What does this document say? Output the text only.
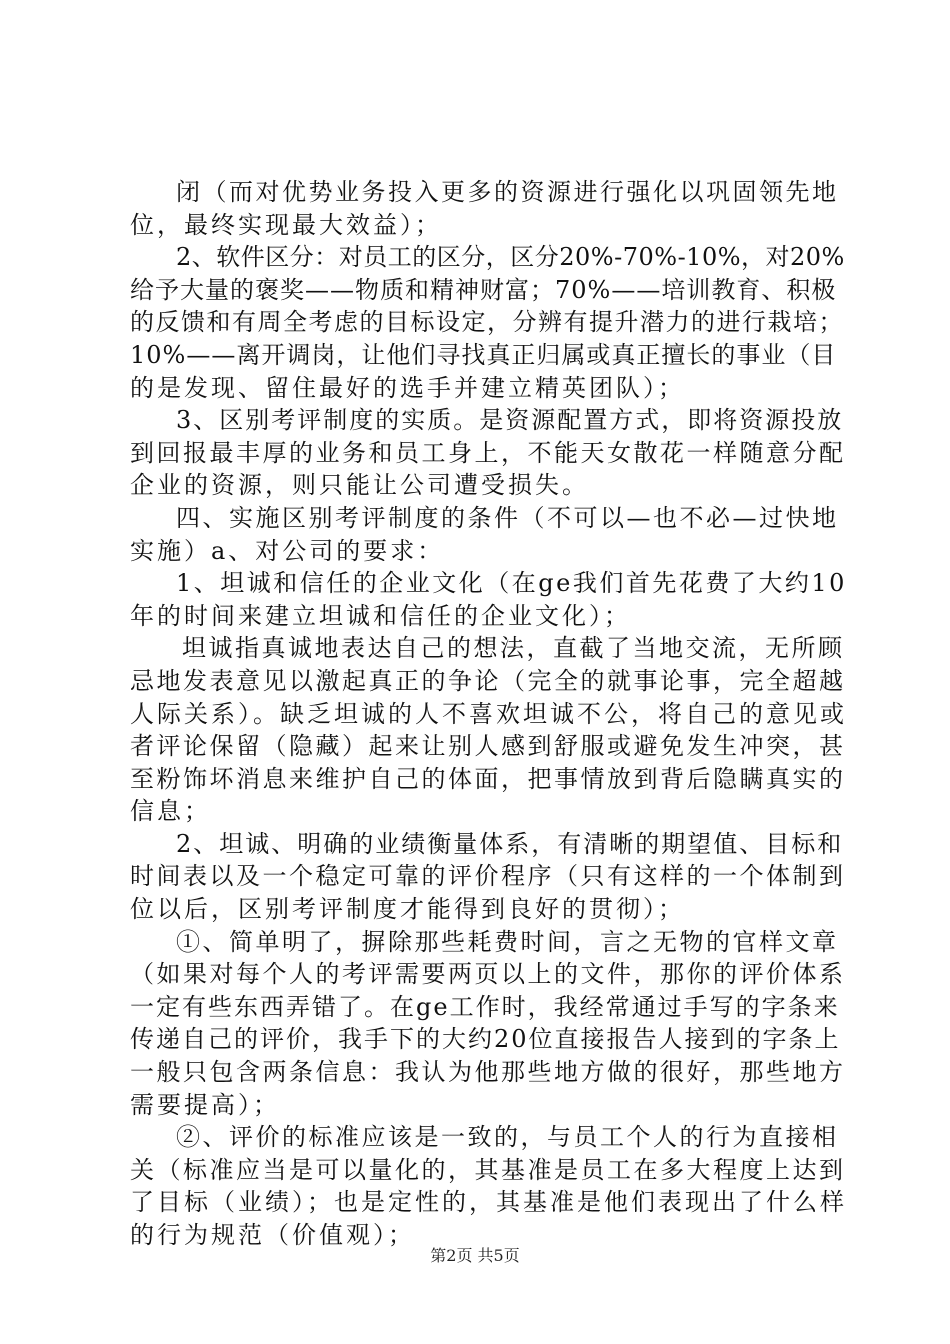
闭（而对优势业务投入更多的资源进行强化以巩固领先地
位，最终实现最大效益）；
2、软件区分：对员工的区分，区分20%-70%-10%，对20%
给予大量的褒奖——物质和精神财富；70%——培训教育、积极
的反馈和有周全考虑的目标设定，分辨有提升潜力的进行栽培；
10%——离开调岗，让他们寻找真正归属或真正擅长的事业（目
的是发现、留住最好的选手并建立精英团队）；
3、区别考评制度的实质。是资源配置方式，即将资源投放
到回报最丰厚的业务和员工身上，不能天女散花一样随意分配
企业的资源，则只能让公司遭受损失。
四、实施区别考评制度的条件（不可以—也不必—过快地
实施）a、对公司的要求：
1、坦诚和信任的企业文化（在ge我们首先花费了大约10
年的时间来建立坦诚和信任的企业文化）；
坦诚指真诚地表达自己的想法，直截了当地交流，无所顾
忌地发表意见以激起真正的争论（完全的就事论事，完全超越
人际关系）。缺乏坦诚的人不喜欢坦诚不公，将自己的意见或
者评论保留（隐藏）起来让别人感到舒服或避免发生冲突，甚
至粉饰坏消息来维护自己的体面，把事情放到背后隐瞒真实的
信息；
2、坦诚、明确的业绩衡量体系，有清晰的期望值、目标和
时间表以及一个稳定可靠的评价程序（只有这样的一个体制到
位以后，区别考评制度才能得到良好的贯彻）；
①、简单明了，摒除那些耗费时间，言之无物的官样文章
（如果对每个人的考评需要两页以上的文件，那你的评价体系
一定有些东西弄错了。在ge工作时，我经常通过手写的字条来
传递自己的评价，我手下的大约20位直接报告人接到的字条上
一般只包含两条信息：我认为他那些地方做的很好，那些地方
需要提高）；
②、评价的标准应该是一致的，与员工个人的行为直接相
关（标准应当是可以量化的，其基准是员工在多大程度上达到
了目标（业绩）；也是定性的，其基准是他们表现出了什么样
的行为规范（价值观）；
第2页 共5页
